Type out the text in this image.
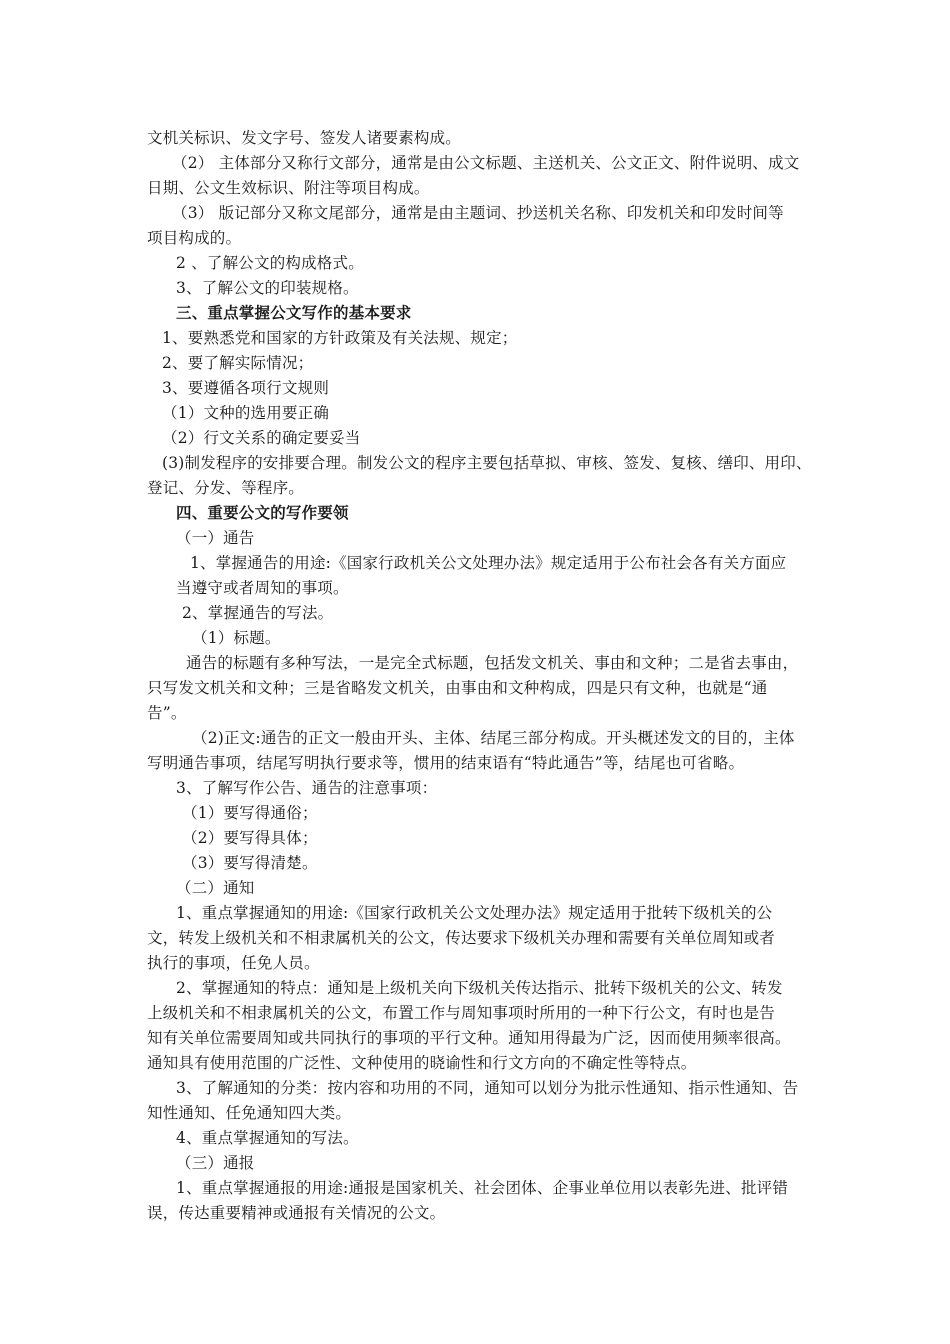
文机关标识、发文字号、签发人诸要素构成。
（2） 主体部分又称行文部分，通常是由公文标题、主送机关、公文正文、附件说明、成文
日期、公文生效标识、附注等项目构成。
（3） 版记部分又称文尾部分，通常是由主题词、抄送机关名称、印发机关和印发时间等
项目构成的。
2 、了解公文的构成格式。
3、了解公文的印装规格。
三、重点掌握公文写作的基本要求
1、要熟悉党和国家的方针政策及有关法规、规定；
2、要了解实际情况；
3、要遵循各项行文规则
（1）文种的选用要正确
（2）行文关系的确定要妥当
(3)制发程序的安排要合理。制发公文的程序主要包括草拟、审核、签发、复核、缮印、用印、
登记、分发、等程序。
四、重要公文的写作要领
（一）通告
1、掌握通告的用途:《国家行政机关公文处理办法》规定适用于公布社会各有关方面应
当遵守或者周知的事项。
2、掌握通告的写法。
（1）标题。
通告的标题有多种写法，一是完全式标题，包括发文机关、事由和文种；二是省去事由，
只写发文机关和文种；三是省略发文机关，由事由和文种构成，四是只有文种，也就是“通
告”。
（2)正文:通告的正文一般由开头、主体、结尾三部分构成。开头概述发文的目的，主体
写明通告事项，结尾写明执行要求等，惯用的结束语有“特此通告”等，结尾也可省略。
3、了解写作公告、通告的注意事项：
（1）要写得通俗；
（2）要写得具体；
（3）要写得清楚。
（二）通知
1、重点掌握通知的用途:《国家行政机关公文处理办法》规定适用于批转下级机关的公
文，转发上级机关和不相隶属机关的公文，传达要求下级机关办理和需要有关单位周知或者
执行的事项，任免人员。
2、掌握通知的特点：通知是上级机关向下级机关传达指示、批转下级机关的公文、转发
上级机关和不相隶属机关的公文，布置工作与周知事项时所用的一种下行公文，有时也是告
知有关单位需要周知或共同执行的事项的平行文种。通知用得最为广泛，因而使用频率很高。
通知具有使用范围的广泛性、文种使用的晓谕性和行文方向的不确定性等特点。
3、了解通知的分类：按内容和功用的不同，通知可以划分为批示性通知、指示性通知、告
知性通知、任免通知四大类。
4、重点掌握通知的写法。
（三）通报
1、重点掌握通报的用途:通报是国家机关、社会团体、企事业单位用以表彰先进、批评错
误，传达重要精神或通报有关情况的公文。
